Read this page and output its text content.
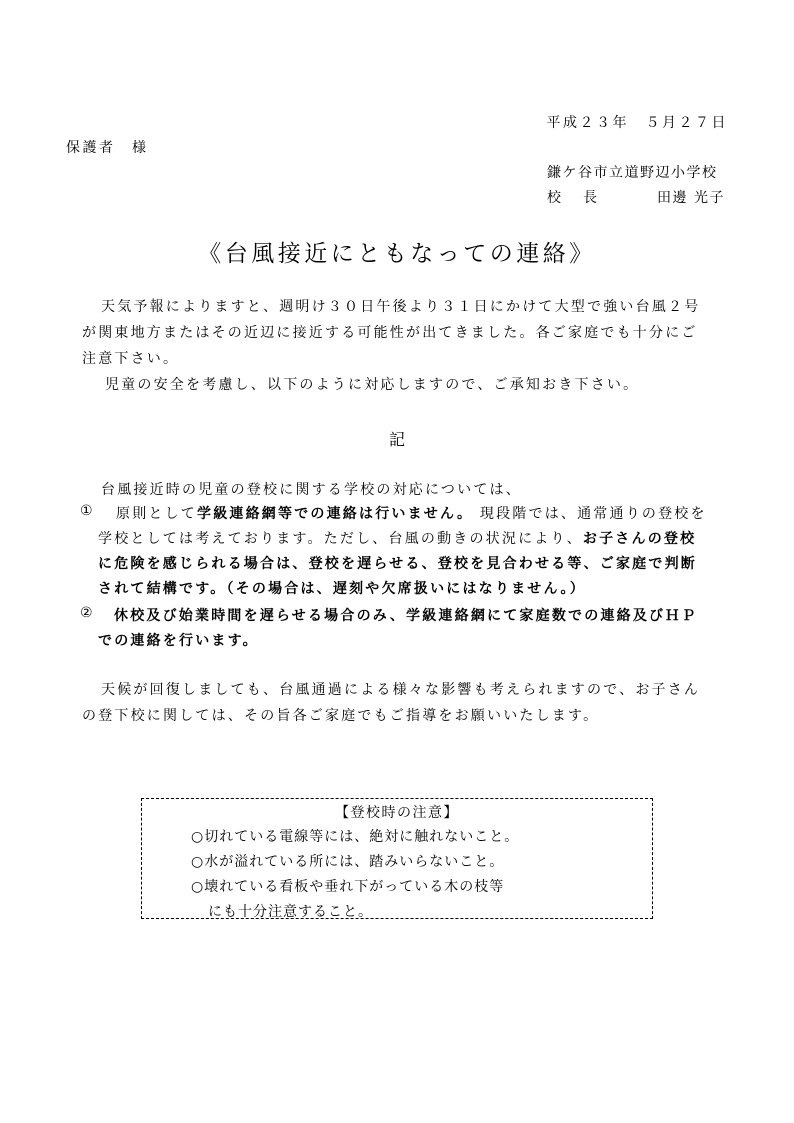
平成２３年　５月２７日
保護者　様
鎌ケ谷市立道野辺小学校
校長	田邊 光子
《台風接近にともなっての連絡》
天気予報によりますと、週明け３０日午後より３１日にかけて大型で強い台風２号
が関東地方またはその近辺に接近する可能性が出てきました。各ご家庭でも十分にご
注意下さい。
児童の安全を考慮し、以下のように対応しますので、ご承知おき下さい。
記
台風接近時の児童の登校に関する学校の対応については、
① 原則として学級連絡網等での連絡は行いません。 現段階では、通常通りの登校を
学校としては考えております。ただし、台風の動きの状況により、お子さんの登校
に危険を感じられる場合は、登校を遅らせる、登校を見合わせる等、ご家庭で判断
されて結構です。（その場合は、遅刻や欠席扱いにはなりません。）
② 休校及び始業時間を遅らせる場合のみ、学級連絡網にて家庭数での連絡及びＨＰ
での連絡を行います。
天候が回復しましても、台風通過による様々な影響も考えられますので、お子さん
の登下校に関しては、その旨各ご家庭でもご指導をお願いいたします。
【登校時の注意】
○切れている電線等には、絶対に触れないこと。
○水が溢れている所には、踏みいらないこと。
○壊れている看板や垂れ下がっている木の枝等
にも十分注意すること。
